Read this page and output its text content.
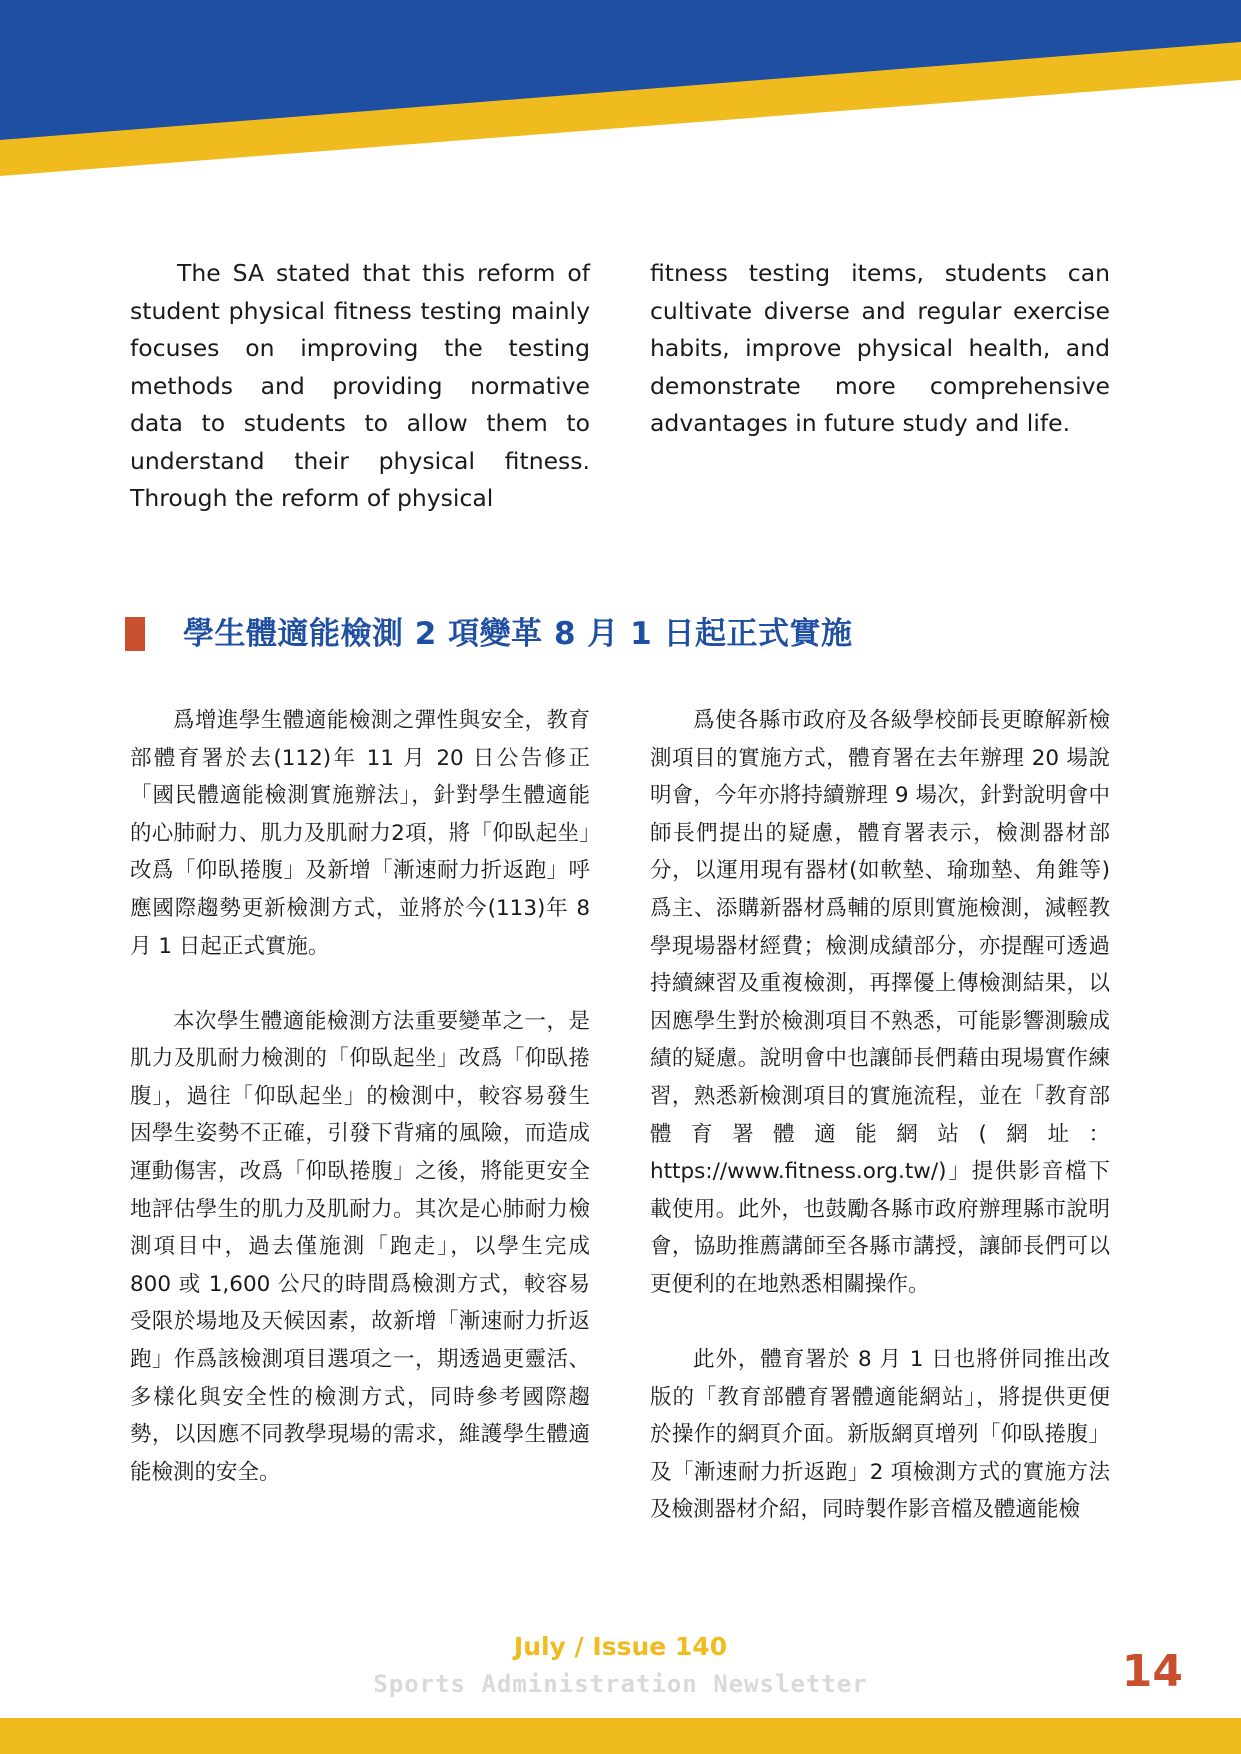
The SA stated that this reform of student physical fitness testing mainly focuses on improving the testing methods and providing normative data to students to allow them to understand their physical fitness. Through the reform of physical

fitness testing items, students can cultivate diverse and regular exercise habits, improve physical health, and demonstrate more comprehensive advantages in future study and life.

學生體適能檢測 2 項變革 8 月 1 日起正式實施

爲增進學生體適能檢測之彈性與安全，教育部體育署於去(112)年 11 月 20 日公告修正「國民體適能檢測實施辦法」，針對學生體適能的心肺耐力、肌力及肌耐力2項，將「仰臥起坐」改爲「仰臥捲腹」及新增「漸速耐力折返跑」呼應國際趨勢更新檢測方式，並將於今(113)年 8 月 1 日起正式實施。

本次學生體適能檢測方法重要變革之一，是肌力及肌耐力檢測的「仰臥起坐」改爲「仰臥捲腹」，過往「仰臥起坐」的檢測中，較容易發生因學生姿勢不正確，引發下背痛的風險，而造成運動傷害，改爲「仰臥捲腹」之後，將能更安全地評估學生的肌力及肌耐力。其次是心肺耐力檢測項目中，過去僅施測「跑走」，以學生完成 800 或 1,600 公尺的時間爲檢測方式，較容易受限於場地及天候因素，故新增「漸速耐力折返跑」作爲該檢測項目選項之一，期透過更靈活、多樣化與安全性的檢測方式，同時參考國際趨勢，以因應不同教學現場的需求，維護學生體適能檢測的安全。

爲使各縣市政府及各級學校師長更瞭解新檢測項目的實施方式，體育署在去年辦理 20 場說明會，今年亦將持續辦理 9 場次，針對說明會中師長們提出的疑慮，體育署表示，檢測器材部分，以運用現有器材(如軟墊、瑜珈墊、角錐等)爲主、添購新器材爲輔的原則實施檢測，減輕教學現場器材經費；檢測成績部分，亦提醒可透過持續練習及重複檢測，再擇優上傳檢測結果，以因應學生對於檢測項目不熟悉，可能影響測驗成績的疑慮。說明會中也讓師長們藉由現場實作練習，熟悉新檢測項目的實施流程，並在「教育部體育署體適能網站(網址：https://www.fitness.org.tw/)」提供影音檔下載使用。此外，也鼓勵各縣市政府辦理縣市說明會，協助推薦講師至各縣市講授，讓師長們可以更便利的在地熟悉相關操作。

此外，體育署於 8 月 1 日也將併同推出改版的「教育部體育署體適能網站」，將提供更便於操作的網頁介面。新版網頁增列「仰臥捲腹」及「漸速耐力折返跑」2 項檢測方式的實施方法及檢測器材介紹，同時製作影音檔及體適能檢

July / Issue 140

Sports Administration Newsletter	14
